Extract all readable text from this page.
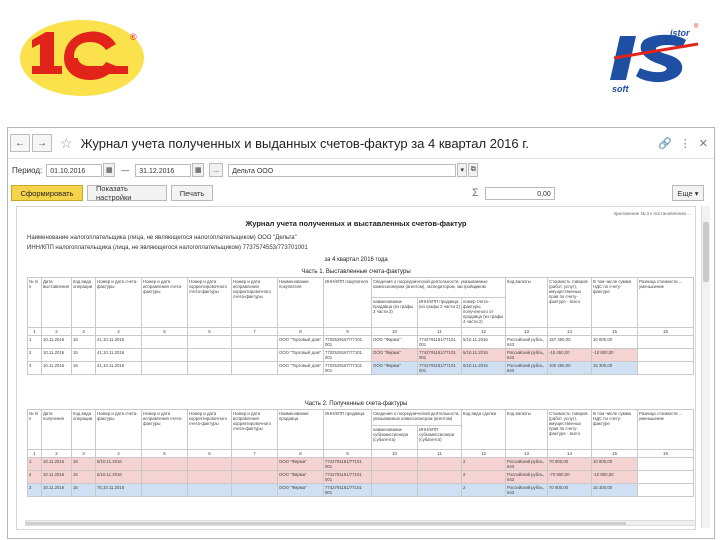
®	istor
soft
®
←	→ ☆ Журнал учета полученных и выданных счетов-фактур за 4 квартал 2016 г.	🔗 ⋮ ✕
Период:	01.10.2016	▦	—	31.12.2016	▦	...	Дельта ООО	▾ ⧉
Сформировать	Показать настройки	Печать	Σ	0,00	Еще ▾
приложение № 3 к постановлению ...
Журнал учета полученных и выставленных счетов-фактур
Наименование налогоплательщика (лица, не являющегося налогоплательщиком) ООО "Дельта"
ИНН/КПП налогоплательщика (лица, не являющегося налогоплательщиком) 7737574553/773701001
за 4 квартал 2016 года
Часть 1. Выставленные счета-фактуры
№ п/п	Дата выставления	Код вида операции	Номер и дата счета-фактуры	Номер и дата исправления счета-фактуры	Номер и дата корректировочного счета-фактуры	Номер и дата исправления корректировочного счета-фактуры	Наименование покупателя	ИНН/КПП покупателя	Сведения о посреднической деятельности, указываемые комиссионером (агентом), экспедитором, застройщиком			Код валюты	Стоимость товаров (работ, услуг), имущественных прав по счету-фактуре - всего	В том числе сумма НДС по счету-фактуре	Разница стоимости ... уменьшение
									наименование продавца (из графы 2 части 2)	ИНН/КПП продавца (из графы 2 части 2)	номер счета-фактуры, полученного от продавца (из графы 4 части 2)				
1	2	3	4	5	6	7	8	9	10	11	12	13	14	15	16
1	10.11.2016	15	41,10.11.2016				ООО "Торговый дом"	7702529167/77101 001	ООО "Фирма"	7742791181/77101 001	5/10.11.2016	Российский рубль, 643	157 450,00	10 800,00	
2	10.11.2016	15	41,10.11.2016				ООО "Торговый дом"	7702529167/77101 001	ООО "Фирма"	7742791181/77101 001	5/10.11.2016	Российский рубль, 643	-15 450,00	-10 800,00	
3	10.11.2016	15	41,10.11.2016				ООО "Торговый дом"	7702529167/77101 001	ООО "Фирма"	7742791181/77101 001	6/10.11.2016	Российский рубль, 643	100 450,00	15 300,00	
Часть 2. Полученные счета-фактуры
№ п/п	Дата получения	Код вида операции	Номер и дата счета-фактуры	Номер и дата исправления счета-фактуры	Номер и дата корректировочного счета-фактуры	Номер и дата исправления корректировочного счета-фактуры	Наименование продавца	ИНН/КПП продавца	Сведения о посреднической деятельности, указываемые комиссионером (агентом)		Код вида сделки	Код валюты	Стоимость товаров (работ, услуг), имущественных прав по счету-фактуре - всего	В том числе сумма НДС по счету-фактуре	Разница стоимости ... уменьшение
									наименование субкомиссионера (субагента)	ИНН/КПП субкомиссионера (субагента)					
1	2	3	4	5	6	7	8	9	10	11	12	13	14	15	16
1	10.11.2016	15	5/10.11.2016				ООО "Фирма"	7742791181/77101 001			2	Российский рубль, 643	70 800,00	10 800,00	
2	10.11.2016	15	5/10.11.2016				ООО "Фирма"	7742791181/77101 001			2	Российский рубль, 643	-70 800,00	-10 800,00	
3	10.11.2016	15	75,10.11.2016				ООО "Фирма"	7742791181/77101 001			2	Российский рубль, 643	70 800,00	15 300,00	
